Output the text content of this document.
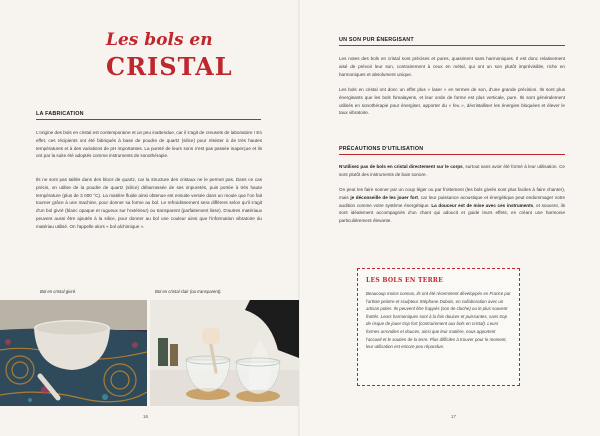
Les bols en
CRISTAL
LA FABRICATION
L'origine des bols en cristal est contemporaine et un peu inattendue, car il s'agit de creusets de laboratoire ! En effet, ces récipients ont été fabriqués à base de poudre de quartz (silice) pour résister à de très hautes températures et à des variations de pH importantes. La pureté de leurs sons n'est pas passée inaperçue et ils ont par la suite été adoptés comme instruments de sonothérapie.
Ils ne sont pas taillés dans des blocs de quartz, car la structure des cristaux ne le permet pas. Dans ce cas précis, on utilise de la poudre de quartz (silice) débarrassée de ses impuretés, puis portée à très haute température (plus de 3 000 °C). La matière fluide ainsi obtenue est ensuite versée dans un moule que l'on fait tourner grâce à une machine, pour donner sa forme au bol. Le refroidissement sera différent selon qu'il s'agit d'un bol givré (blanc opaque et rugueux sur l'extérieur) ou transparent (parfaitement lisse). D'autres matériaux peuvent aussi être ajoutés à la silice, pour donner au bol une couleur ainsi que l'information vibratoire du matériau utilisé. On l'appelle alors « bol alchimique ».
Bol en cristal givré.	Bol en cristal clair (ou transparent).
16
UN SON PUR ÉNERGISANT
Les notes des bols en cristal sont précises et pures, quasiment sans harmoniques. Il est donc relativement aisé de prévoir leur son, contrairement à ceux en métal, qui ont un son plutôt imprévisible, riche en harmoniques et absolument unique.
Les bols en cristal ont donc un effet plus « laser » en termes de son, d'une grande précision. Ils sont plus énergisants que les bols himalayens, et leur onde de forme est plus verticale, pure. Ils sont généralement utilisés en sonothérapie pour énergiser, apporter du « feu », décristalliser les énergies bloquées et élever le taux vibratoire.
PRÉCAUTIONS D'UTILISATION
N'utilisez pas de bols en cristal directement sur le corps, surtout sans avoir été formé à leur utilisation. Ce sont plutôt des instruments de bain sonore.
On peut les faire sonner par un coup léger ou par frottement (les bols givrés sont plus faciles à faire chanter), mais je déconseille de les jouer fort, car leur puissance acoustique et énergétique peut endommager votre audition comme votre système énergétique. La douceur est de mise avec ces instruments, et souvent, ils sont idéalement accompagnés d'un chant qui adoucit et guide leurs effets, en créant une harmonie particulièrement élevante.
LES BOLS EN TERRE
Beaucoup moins connus, ils ont été récemment développés en France par l'artiste peintre et sculpteur Stéphane Dubois, en collaboration avec un artisan potier. Ils peuvent être frappés (son de cloche) ou le plus souvent frottés. Leurs harmoniques sont à la fois douces et puissantes, sans trop de risque de jouer trop fort (contrairement aux bols en cristal). Leurs formes arrondies et douces, ainsi que leur matière, nous apportent l'accueil et le soutien de la terre. Plus difficiles à trouver pour le moment, leur utilisation est encore peu répandue.
17
